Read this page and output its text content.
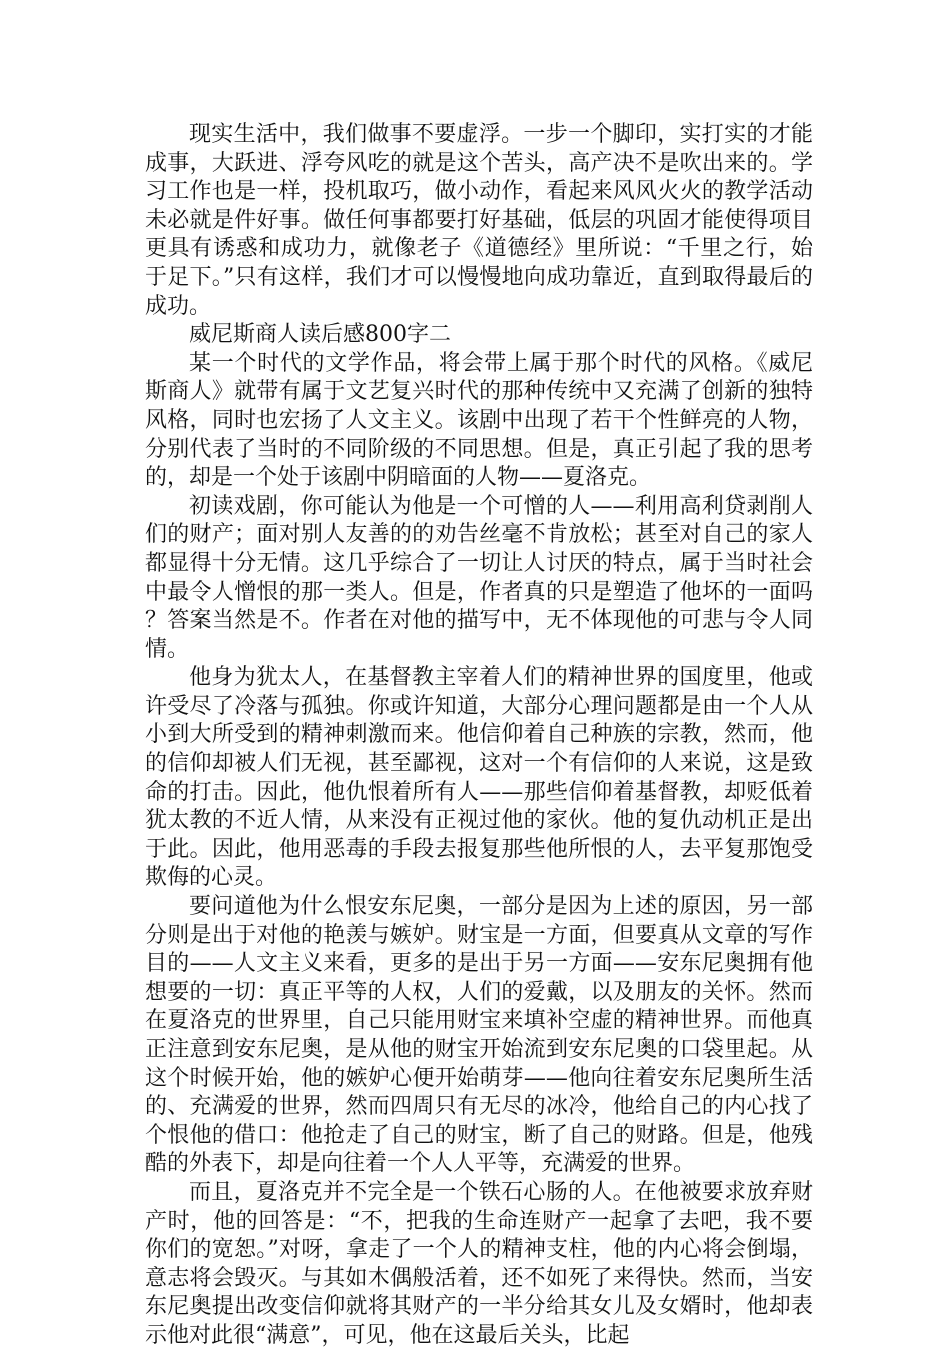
现实生活中，我们做事不要虚浮。一步一个脚印，实打实的才能成事，大跃进、浮夸风吃的就是这个苦头，高产决不是吹出来的。学习工作也是一样，投机取巧，做小动作，看起来风风火火的教学活动未必就是件好事。做任何事都要打好基础，低层的巩固才能使得项目更具有诱惑和成功力，就像老子《道德经》里所说：“千里之行，始于足下。”只有这样，我们才可以慢慢地向成功靠近，直到取得最后的成功。

威尼斯商人读后感800字二

某一个时代的文学作品，将会带上属于那个时代的风格。《威尼斯商人》就带有属于文艺复兴时代的那种传统中又充满了创新的独特风格，同时也宏扬了人文主义。该剧中出现了若干个性鲜亮的人物，分别代表了当时的不同阶级的不同思想。但是，真正引起了我的思考的，却是一个处于该剧中阴暗面的人物——夏洛克。

初读戏剧，你可能认为他是一个可憎的人——利用高利贷剥削人们的财产；面对别人友善的的劝告丝毫不肯放松；甚至对自己的家人都显得十分无情。这几乎综合了一切让人讨厌的特点，属于当时社会中最令人憎恨的那一类人。但是，作者真的只是塑造了他坏的一面吗？答案当然是不。作者在对他的描写中，无不体现他的可悲与令人同情。

他身为犹太人，在基督教主宰着人们的精神世界的国度里，他或许受尽了冷落与孤独。你或许知道，大部分心理问题都是由一个人从小到大所受到的精神刺激而来。他信仰着自己种族的宗教，然而，他的信仰却被人们无视，甚至鄙视，这对一个有信仰的人来说，这是致命的打击。因此，他仇恨着所有人——那些信仰着基督教，却贬低着犹太教的不近人情，从来没有正视过他的家伙。他的复仇动机正是出于此。因此，他用恶毒的手段去报复那些他所恨的人，去平复那饱受欺侮的心灵。

要问道他为什么恨安东尼奥，一部分是因为上述的原因，另一部分则是出于对他的艳羡与嫉妒。财宝是一方面，但要真从文章的写作目的——人文主义来看，更多的是出于另一方面——安东尼奥拥有他想要的一切：真正平等的人权，人们的爱戴，以及朋友的关怀。然而在夏洛克的世界里，自己只能用财宝来填补空虚的精神世界。而他真正注意到安东尼奥，是从他的财宝开始流到安东尼奥的口袋里起。从这个时候开始，他的嫉妒心便开始萌芽——他向往着安东尼奥所生活的、充满爱的世界，然而四周只有无尽的冰冷，他给自己的内心找了个恨他的借口：他抢走了自己的财宝，断了自己的财路。但是，他残酷的外表下，却是向往着一个人人平等，充满爱的世界。

而且，夏洛克并不完全是一个铁石心肠的人。在他被要求放弃财产时，他的回答是：“不，把我的生命连财产一起拿了去吧，我不要你们的宽恕。”对呀，拿走了一个人的精神支柱，他的内心将会倒塌，意志将会毁灭。与其如木偶般活着，还不如死了来得快。然而，当安东尼奥提出改变信仰就将其财产的一半分给其女儿及女婿时，他却表示他对此很“满意”，可见，他在这最后关头，比起
